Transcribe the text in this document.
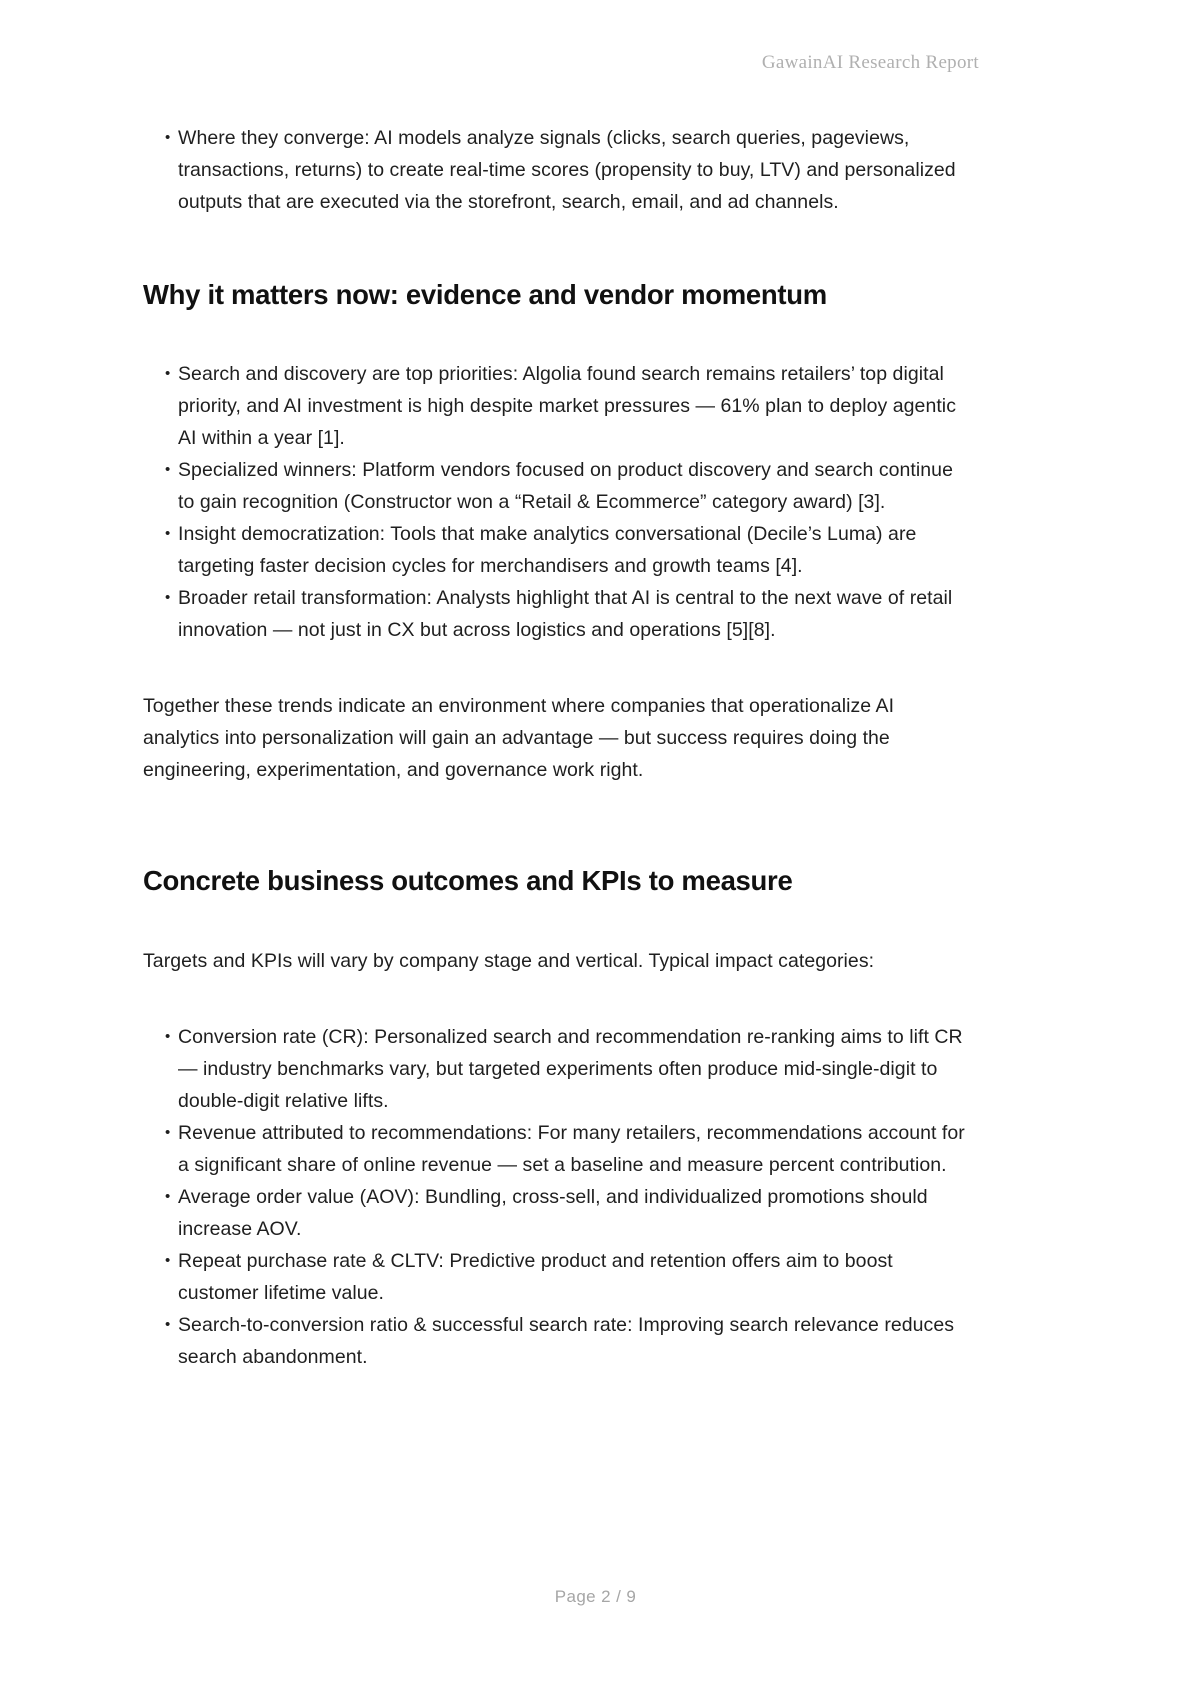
GawainAI Research Report
• Where they converge: AI models analyze signals (clicks, search queries, pageviews, transactions, returns) to create real-time scores (propensity to buy, LTV) and personalized outputs that are executed via the storefront, search, email, and ad channels.
Why it matters now: evidence and vendor momentum
• Search and discovery are top priorities: Algolia found search remains retailers’ top digital priority, and AI investment is high despite market pressures — 61% plan to deploy agentic AI within a year [1].
• Specialized winners: Platform vendors focused on product discovery and search continue to gain recognition (Constructor won a “Retail & Ecommerce” category award) [3].
• Insight democratization: Tools that make analytics conversational (Decile’s Luma) are targeting faster decision cycles for merchandisers and growth teams [4].
• Broader retail transformation: Analysts highlight that AI is central to the next wave of retail innovation — not just in CX but across logistics and operations [5][8].

Together these trends indicate an environment where companies that operationalize AI analytics into personalization will gain an advantage — but success requires doing the engineering, experimentation, and governance work right.

Concrete business outcomes and KPIs to measure

Targets and KPIs will vary by company stage and vertical. Typical impact categories:

• Conversion rate (CR): Personalized search and recommendation re-ranking aims to lift CR — industry benchmarks vary, but targeted experiments often produce mid-single-digit to double-digit relative lifts.
• Revenue attributed to recommendations: For many retailers, recommendations account for a significant share of online revenue — set a baseline and measure percent contribution.
• Average order value (AOV): Bundling, cross-sell, and individualized promotions should increase AOV.
• Repeat purchase rate & CLTV: Predictive product and retention offers aim to boost customer lifetime value.
• Search-to-conversion ratio & successful search rate: Improving search relevance reduces search abandonment.
Page 2 / 9
